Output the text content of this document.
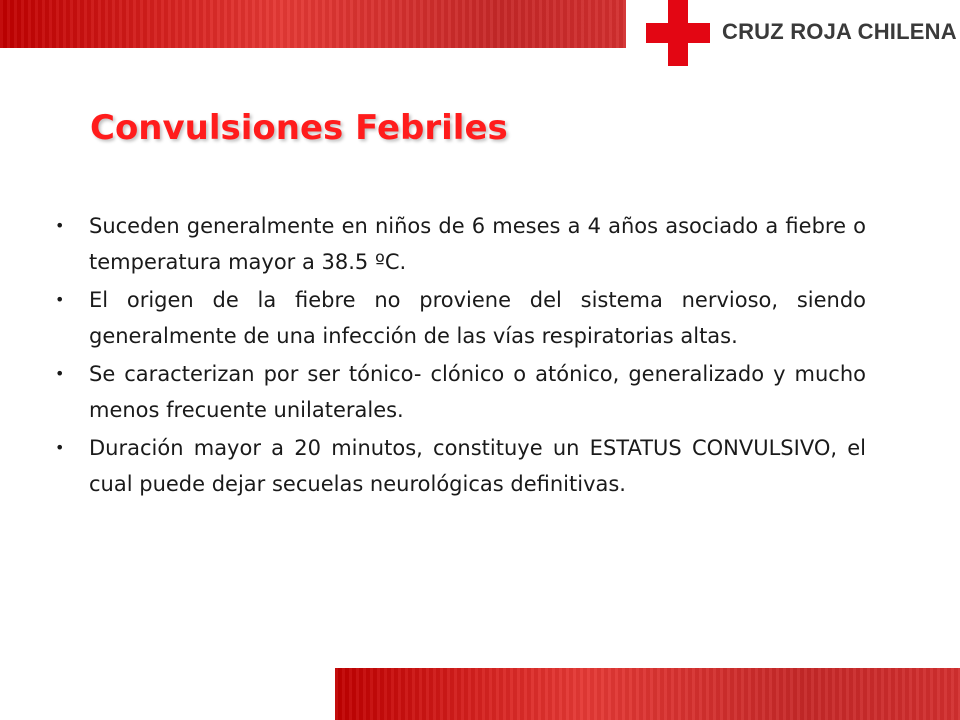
CRUZ ROJA CHILENA
Convulsiones Febriles
• Suceden generalmente en niños de 6 meses a 4 años asociado a fiebre o temperatura mayor a 38.5 ºC.
• El origen de la fiebre no proviene del sistema nervioso, siendo generalmente de una infección de las vías respiratorias altas.
• Se caracterizan por ser tónico- clónico o atónico, generalizado y mucho menos frecuente unilaterales.
• Duración mayor a 20 minutos, constituye un ESTATUS CONVULSIVO, el cual puede dejar secuelas neurológicas definitivas.
